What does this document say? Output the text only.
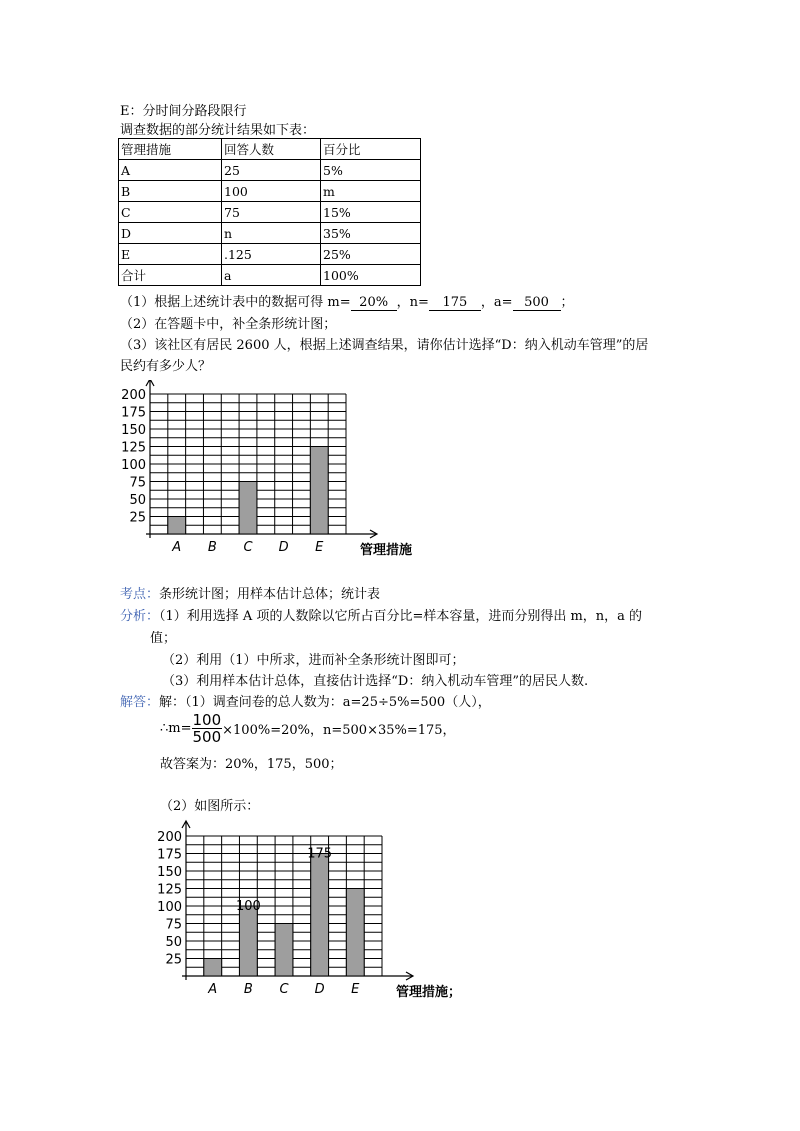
E：分时间分路段限行
调查数据的部分统计结果如下表：
管理措施	回答人数	百分比
A	25	5%
B	100	m
C	75	15%
D	n	35%
E	.125	25%
合计	a	100%
（1）根据上述统计表中的数据可得 m= 20% ，n= 175 ，a= 500 ；
（2）在答题卡中，补全条形统计图；
（3）该社区有居民 2600 人，根据上述调查结果，请你估计选择“D：纳入机动车管理”的居
民约有多少人？
25
50
75
100
125
150
175
200
A B C D E	管理措施
考点：条形统计图；用样本估计总体；统计表
分析：（1）利用选择 A 项的人数除以它所占百分比=样本容量，进而分别得出 m，n，a 的
值；
（2）利用（1）中所求，进而补全条形统计图即可；
（3）利用样本估计总体，直接估计选择“D：纳入机动车管理”的居民人数.
解答：解：（1）调查问卷的总人数为：a=25÷5%=500（人），
∴m= $\frac{100}{500} \times 100\%=20\%$，n=500×35%=175，
故答案为：20%，175，500；
（2）如图所示：
25
50
75
100
125
150
175
200
A B C D E
100
175
管理措施；
